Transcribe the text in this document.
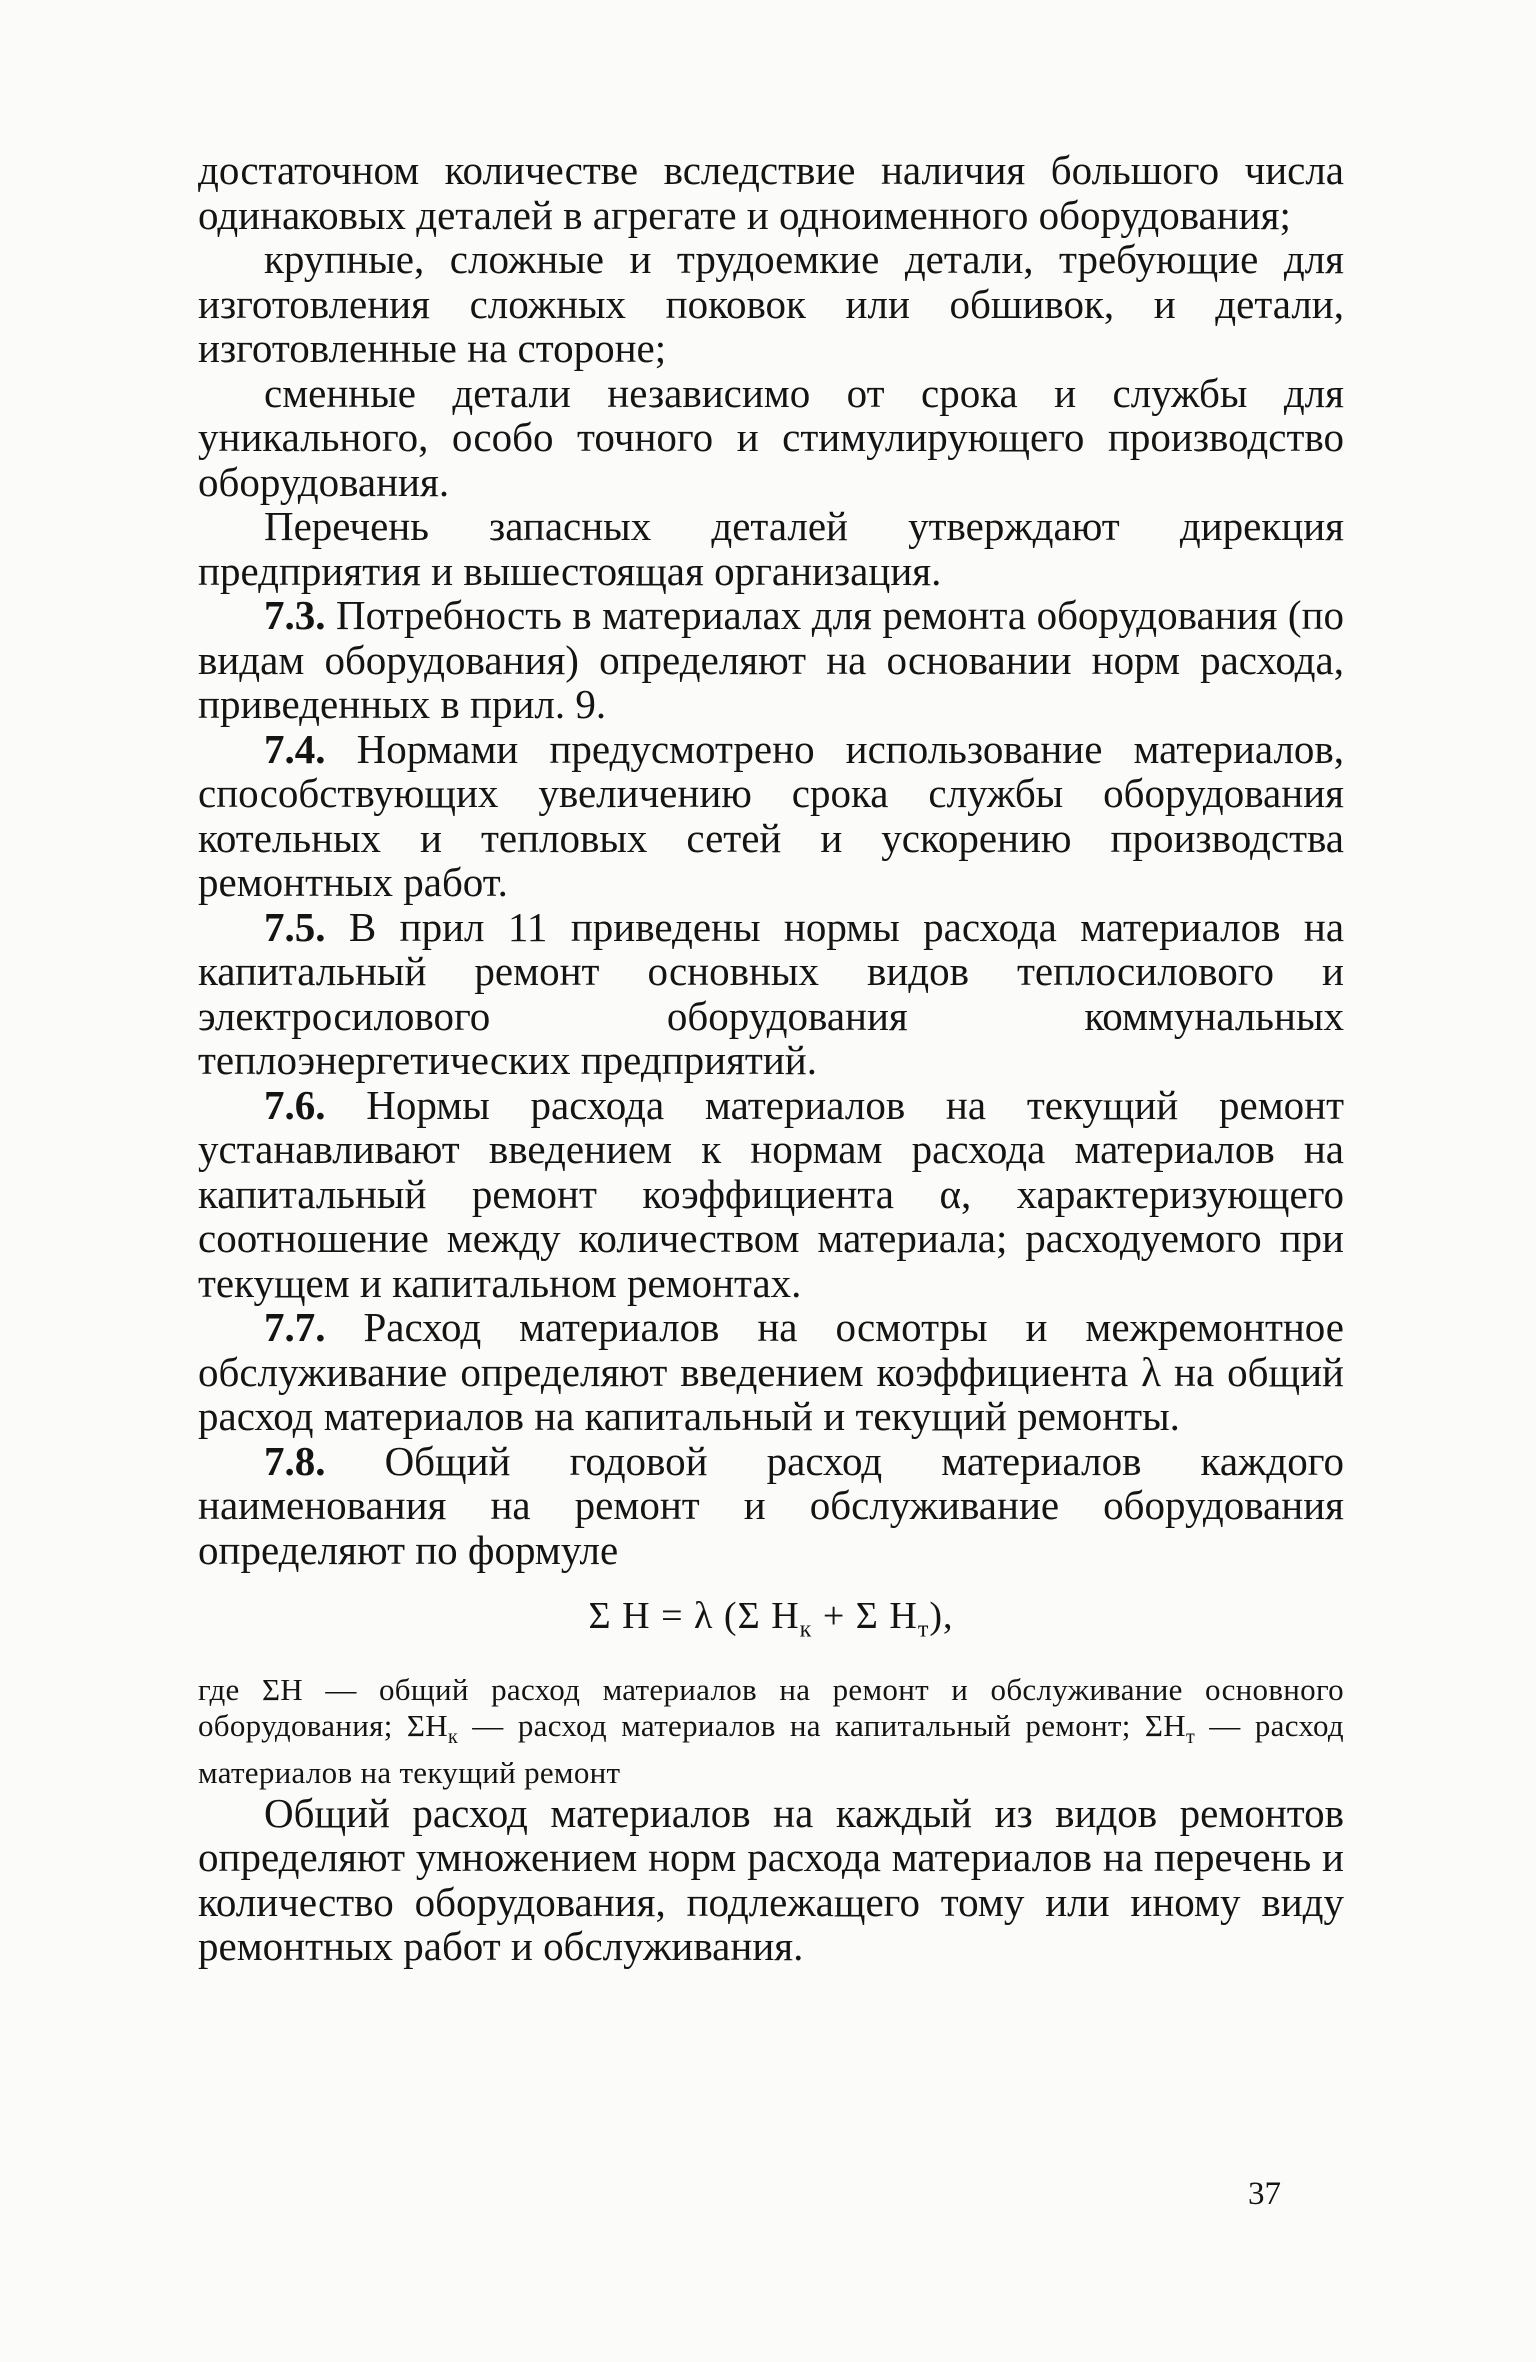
достаточном количестве вследствие наличия большого числа одинаковых деталей в агрегате и одноименного оборудования;

крупные, сложные и трудоемкие детали, требующие для изготовления сложных поковок или обшивок, и детали, изготовленные на стороне;

сменные детали независимо от срока и службы для уникального, особо точного и стимулирующего производство оборудования.

Перечень запасных деталей утверждают дирекция предприятия и вышестоящая организация.

7.3. Потребность в материалах для ремонта оборудования (по видам оборудования) определяют на основании норм расхода, приведенных в прил. 9.

7.4. Нормами предусмотрено использование материалов, способствующих увеличению срока службы оборудования котельных и тепловых сетей и ускорению производства ремонтных работ.

7.5. В прил 11 приведены нормы расхода материалов на капитальный ремонт основных видов теплосилового и электросилового оборудования коммунальных теплоэнергетических предприятий.

7.6. Нормы расхода материалов на текущий ремонт устанавливают введением к нормам расхода материалов на капитальный ремонт коэффициента α, характеризующего соотношение между количеством материала; расходуемого при текущем и капитальном ремонтах.

7.7. Расход материалов на осмотры и межремонтное обслуживание определяют введением коэффициента λ на общий расход материалов на капитальный и текущий ремонты.

7.8. Общий годовой расход материалов каждого наименования на ремонт и обслуживание оборудования определяют по формуле

Σ H = λ (Σ $H_к + \Sigma$ $H_т$),

где ΣH — общий расход материалов на ремонт и обслуживание основного оборудования; $\Sigma H_к$ — расход материалов на капитальный ремонт; $\Sigma H_т$ — расход материалов на текущий ремонт

Общий расход материалов на каждый из видов ремонтов определяют умножением норм расхода материалов на перечень и количество оборудования, подлежащего тому или иному виду ремонтных работ и обслуживания.

37
